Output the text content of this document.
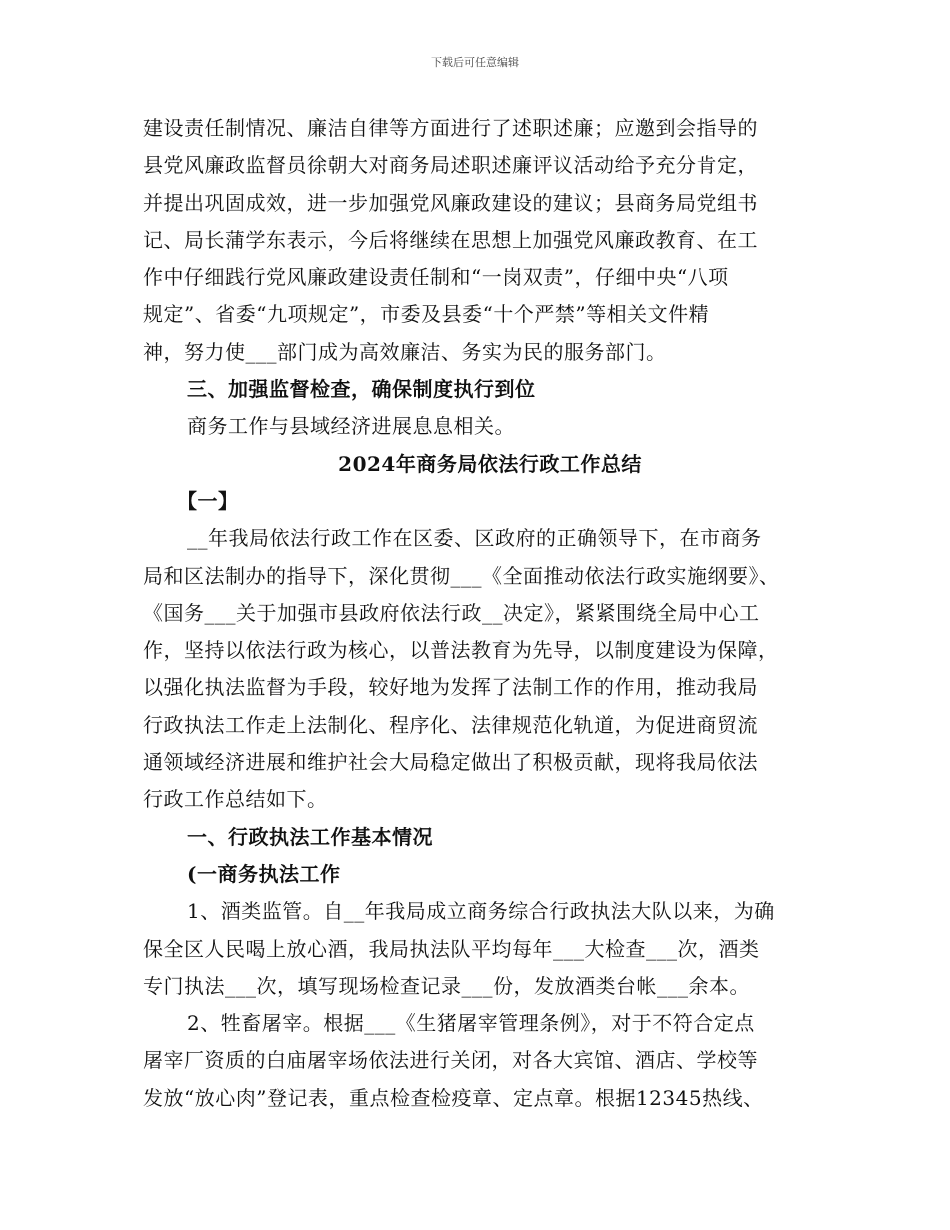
下载后可任意编辑
建设责任制情况、廉洁自律等方面进行了述职述廉；应邀到会指导的
县党风廉政监督员徐朝大对商务局述职述廉评议活动给予充分肯定，
并提出巩固成效，进一步加强党风廉政建设的建议；县商务局党组书
记、局长蒲学东表示，今后将继续在思想上加强党风廉政教育、在工
作中仔细践行党风廉政建设责任制和“一岗双责”，仔细中央“八项
规定”、省委“九项规定”，市委及县委“十个严禁”等相关文件精
神，努力使___部门成为高效廉洁、务实为民的服务部门。
三、加强监督检查，确保制度执行到位
商务工作与县域经济进展息息相关。
2024年商务局依法行政工作总结
【一】
__年我局依法行政工作在区委、区政府的正确领导下，在市商务
局和区法制办的指导下，深化贯彻___《全面推动依法行政实施纲要》、
《国务___关于加强市县政府依法行政__决定》，紧紧围绕全局中心工
作，坚持以依法行政为核心，以普法教育为先导，以制度建设为保障，
以强化执法监督为手段，较好地为发挥了法制工作的作用，推动我局
行政执法工作走上法制化、程序化、法律规范化轨道，为促进商贸流
通领域经济进展和维护社会大局稳定做出了积极贡献，现将我局依法
行政工作总结如下。
一、行政执法工作基本情况
(一商务执法工作
1、酒类监管。自__年我局成立商务综合行政执法大队以来，为确
保全区人民喝上放心酒，我局执法队平均每年___大检查___次，酒类
专门执法___次，填写现场检查记录___份，发放酒类台帐___余本。
2、牲畜屠宰。根据___《生猪屠宰管理条例》，对于不符合定点
屠宰厂资质的白庙屠宰场依法进行关闭，对各大宾馆、酒店、学校等
发放“放心肉”登记表，重点检查检疫章、定点章。根据12345热线、
